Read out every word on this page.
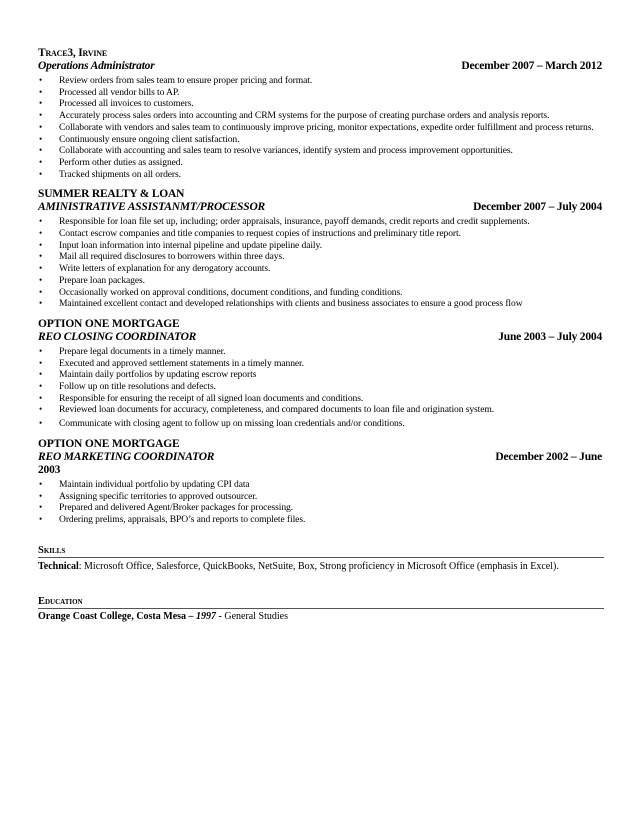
Trace3, Irvine
Operations Administrator	December 2007 – March 2012
• Review orders from sales team to ensure proper pricing and format.
• Processed all vendor bills to AP.
• Processed all invoices to customers.
• Accurately process sales orders into accounting and CRM systems for the purpose of creating purchase orders and analysis reports.
• Collaborate with vendors and sales team to continuously improve pricing, monitor expectations, expedite order fulfillment and process returns.
• Continuously ensure ongoing client satisfaction.
• Collaborate with accounting and sales team to resolve variances, identify system and process improvement opportunities.
• Perform other duties as assigned.
• Tracked shipments on all orders.
SUMMER REALTY & LOAN
AMINISTRATIVE ASSISTANMT/PROCESSOR	December 2007 – July 2004
• Responsible for loan file set up, including; order appraisals, insurance, payoff demands, credit reports and credit supplements.
• Contact escrow companies and title companies to request copies of instructions and preliminary title report.
• Input loan information into internal pipeline and update pipeline daily.
• Mail all required disclosures to borrowers within three days.
• Write letters of explanation for any derogatory accounts.
• Prepare loan packages.
• Occasionally worked on approval conditions, document conditions, and funding conditions.
• Maintained excellent contact and developed relationships with clients and business associates to ensure a good process flow
OPTION ONE MORTGAGE
REO CLOSING COORDINATOR	June 2003 – July 2004
• Prepare legal documents in a timely manner.
• Executed and approved settlement statements in a timely manner.
• Maintain daily portfolios by updating escrow reports
• Follow up on title resolutions and defects.
• Responsible for ensuring the receipt of all signed loan documents and conditions.
• Reviewed loan documents for accuracy, completeness, and compared documents to loan file and origination system.
• Communicate with closing agent to follow up on missing loan credentials and/or conditions.
OPTION ONE MORTGAGE
REO MARKETING COORDINATOR	December 2002 – June
2003
• Maintain individual portfolio by updating CPI data
• Assigning specific territories to approved outsourcer.
• Prepared and delivered Agent/Broker packages for processing.
• Ordering prelims, appraisals, BPO’s and reports to complete files.
Skills
Technical: Microsoft Office, Salesforce, QuickBooks, NetSuite, Box, Strong proficiency in Microsoft Office (emphasis in Excel).
Education
Orange Coast College, Costa Mesa – 1997 - General Studies
